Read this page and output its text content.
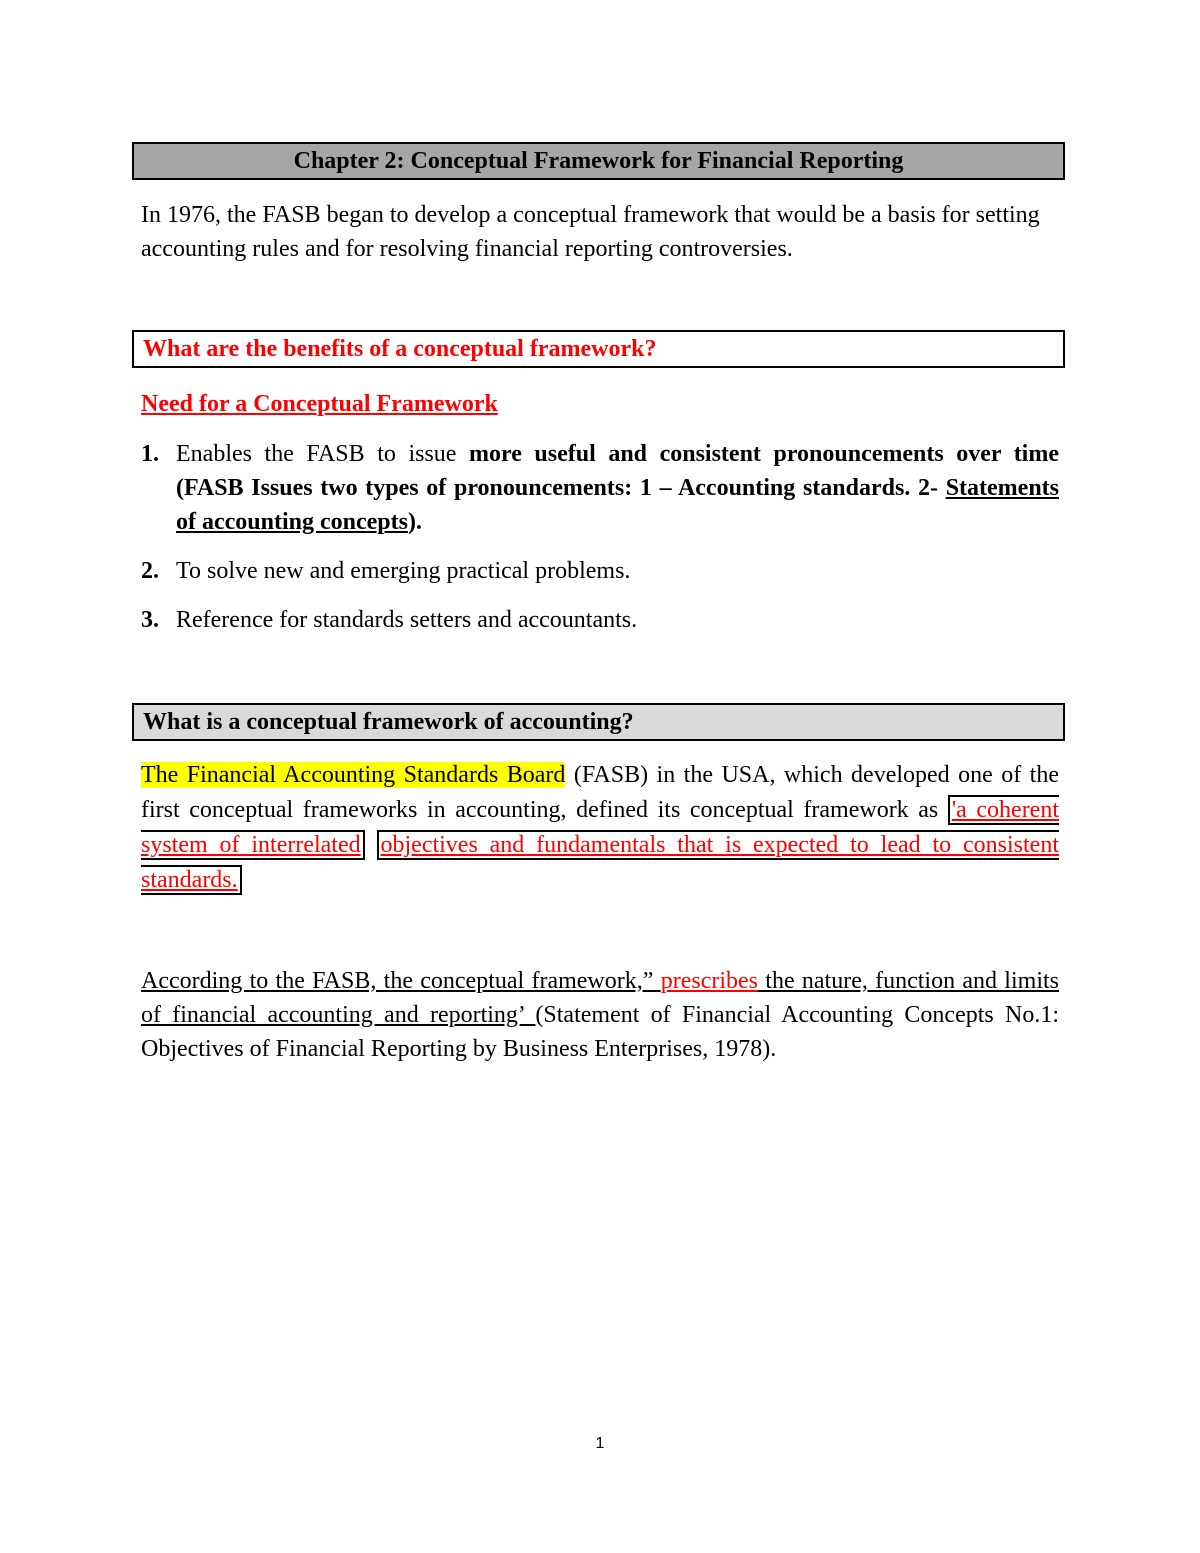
Chapter 2: Conceptual Framework for Financial Reporting
In 1976, the FASB began to develop a conceptual framework that would be a basis for setting accounting rules and for resolving financial reporting controversies.
What are the benefits of a conceptual framework?
Need for a Conceptual Framework
1. Enables the FASB to issue more useful and consistent pronouncements over time (FASB Issues two types of pronouncements: 1 – Accounting standards. 2- Statements of accounting concepts).
2. To solve new and emerging practical problems.
3. Reference for standards setters and accountants.
What is a conceptual framework of accounting?
The Financial Accounting Standards Board (FASB) in the USA, which developed one of the first conceptual frameworks in accounting, defined its conceptual framework as 'a coherent system of interrelated objectives and fundamentals that is expected to lead to consistent standards.
According to the FASB, the conceptual framework,” prescribes the nature, function and limits of financial accounting and reporting’ (Statement of Financial Accounting Concepts No.1: Objectives of Financial Reporting by Business Enterprises, 1978).
1
